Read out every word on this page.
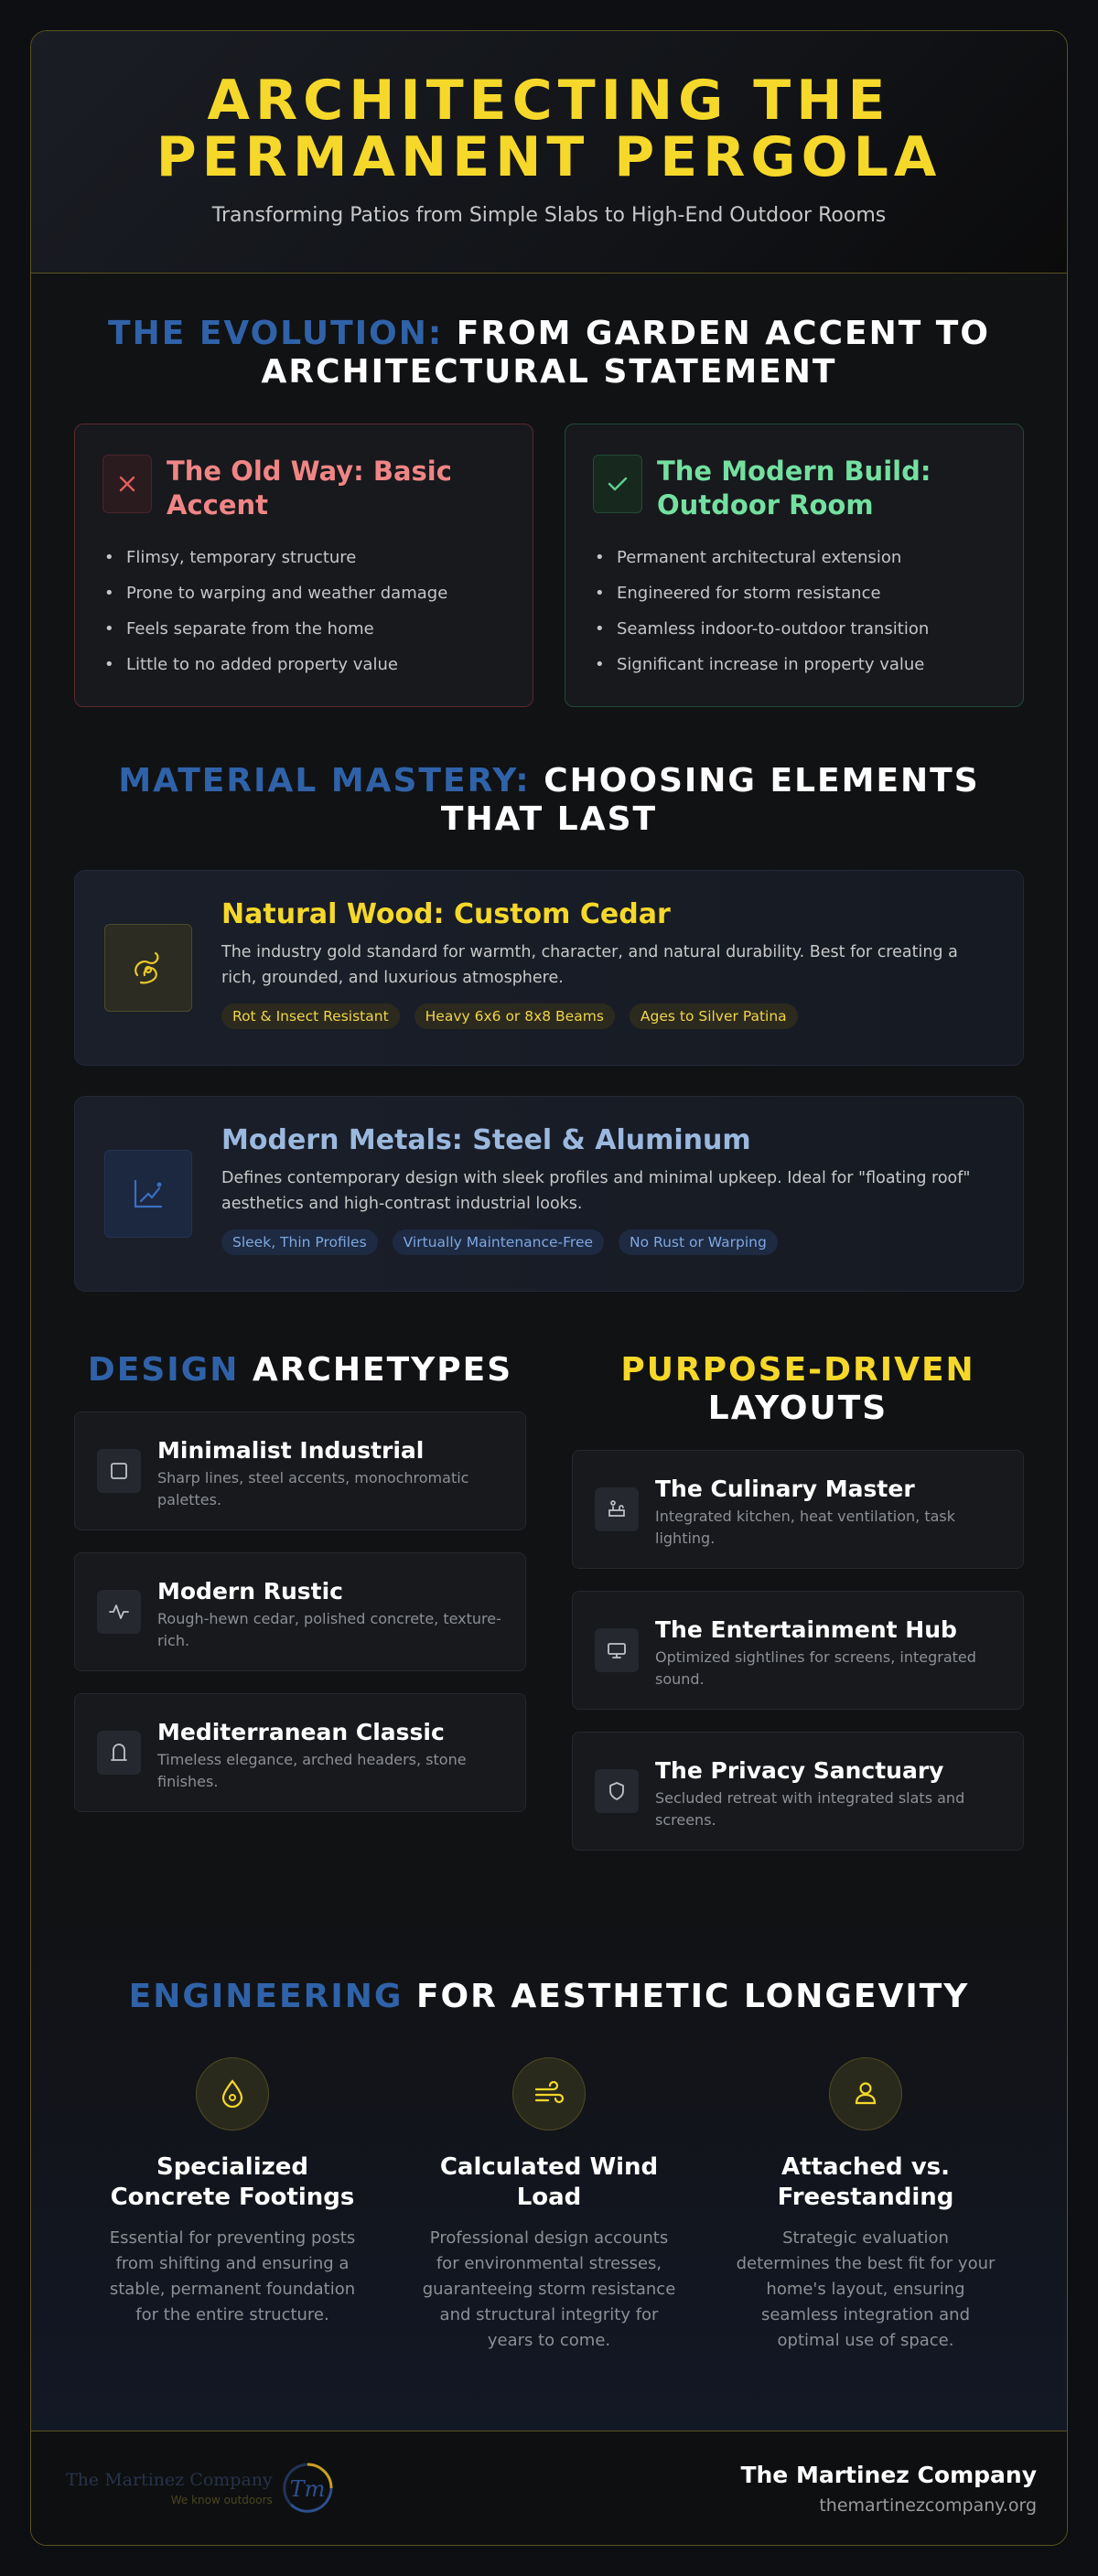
ARCHITECTING THE
PERMANENT PERGOLA
Transforming Patios from Simple Slabs to High-End Outdoor Rooms
THE EVOLUTION: FROM GARDEN ACCENT TO ARCHITECTURAL STATEMENT
The Old Way: Basic Accent
• Flimsy, temporary structure
• Prone to warping and weather damage
• Feels separate from the home
• Little to no added property value
The Modern Build: Outdoor Room
• Permanent architectural extension
• Engineered for storm resistance
• Seamless indoor-to-outdoor transition
• Significant increase in property value
MATERIAL MASTERY: CHOOSING ELEMENTS THAT LAST
Natural Wood: Custom Cedar
The industry gold standard for warmth, character, and natural durability. Best for creating a rich, grounded, and luxurious atmosphere.
Rot & Insect Resistant	Heavy 6x6 or 8x8 Beams	Ages to Silver Patina
Modern Metals: Steel & Aluminum
Defines contemporary design with sleek profiles and minimal upkeep. Ideal for "floating roof" aesthetics and high-contrast industrial looks.
Sleek, Thin Profiles	Virtually Maintenance-Free	No Rust or Warping
DESIGN ARCHETYPES
Minimalist Industrial
Sharp lines, steel accents, monochromatic palettes.
Modern Rustic
Rough-hewn cedar, polished concrete, texture-rich.
Mediterranean Classic
Timeless elegance, arched headers, stone finishes.
PURPOSE-DRIVEN
LAYOUTS
The Culinary Master
Integrated kitchen, heat ventilation, task lighting.
The Entertainment Hub
Optimized sightlines for screens, integrated sound.
The Privacy Sanctuary
Secluded retreat with integrated slats and screens.
ENGINEERING FOR AESTHETIC LONGEVITY
Specialized Concrete Footings
Essential for preventing posts from shifting and ensuring a stable, permanent foundation for the entire structure.
Calculated Wind Load
Professional design accounts for environmental stresses, guaranteeing storm resistance and structural integrity for years to come.
Attached vs. Freestanding
Strategic evaluation determines the best fit for your home's layout, ensuring seamless integration and optimal use of space.
The Martinez Company
We know outdoors Tm
The Martinez Company
themartinezcompany.org
